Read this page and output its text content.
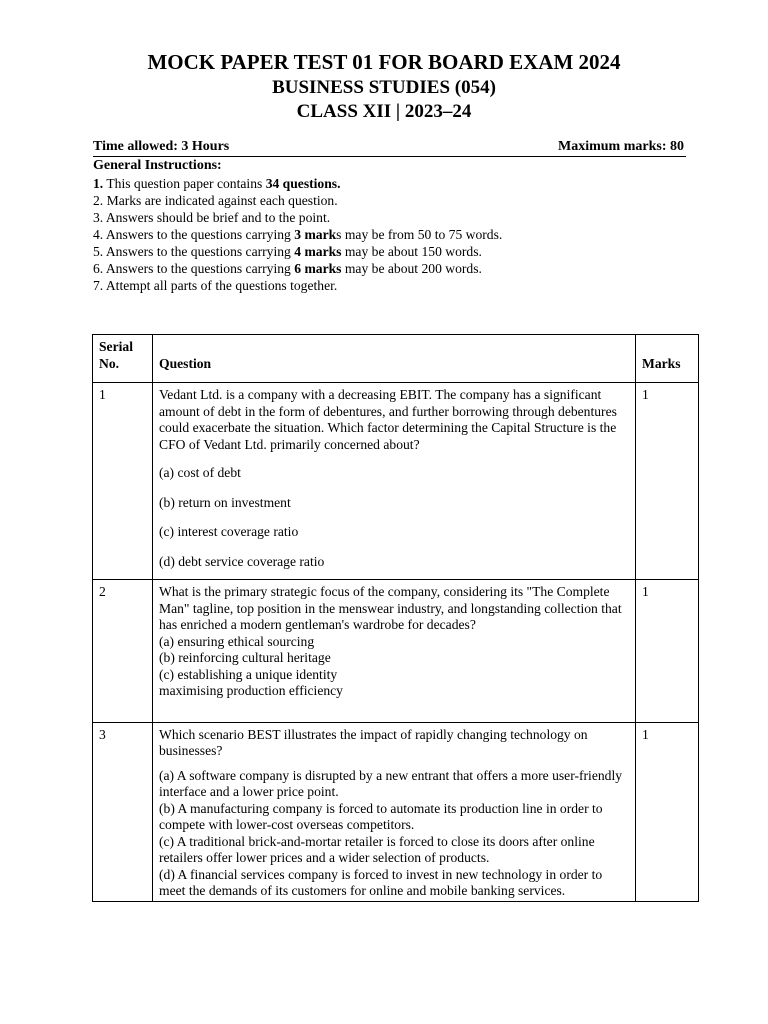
MOCK PAPER TEST 01 FOR BOARD EXAM 2024
BUSINESS STUDIES (054)
CLASS XII | 2023–24
Time allowed: 3 Hours	Maximum marks: 80
General Instructions:
1. This question paper contains 34 questions.
2. Marks are indicated against each question.
3. Answers should be brief and to the point.
4. Answers to the questions carrying 3 marks may be from 50 to 75 words.
5. Answers to the questions carrying 4 marks may be about 150 words.
6. Answers to the questions carrying 6 marks may be about 200 words.
7. Attempt all parts of the questions together.
Serial
No.	Question	Marks
1	Vedant Ltd. is a company with a decreasing EBIT. The company has a significant amount of debt in the form of debentures, and further borrowing through debentures could exacerbate the situation. Which factor determining the Capital Structure is the CFO of Vedant Ltd. primarily concerned about?
(a) cost of debt
(b) return on investment
(c) interest coverage ratio
(d) debt service coverage ratio	1
2	What is the primary strategic focus of the company, considering its "The Complete Man" tagline, top position in the menswear industry, and longstanding collection that has enriched a modern gentleman's wardrobe for decades?
(a) ensuring ethical sourcing
(b) reinforcing cultural heritage
(c) establishing a unique identity
maximising production efficiency	1
3	Which scenario BEST illustrates the impact of rapidly changing technology on businesses?
(a) A software company is disrupted by a new entrant that offers a more user-friendly interface and a lower price point.
(b) A manufacturing company is forced to automate its production line in order to compete with lower-cost overseas competitors.
(c) A traditional brick-and-mortar retailer is forced to close its doors after online retailers offer lower prices and a wider selection of products.
(d) A financial services company is forced to invest in new technology in order to meet the demands of its customers for online and mobile banking services.	1
